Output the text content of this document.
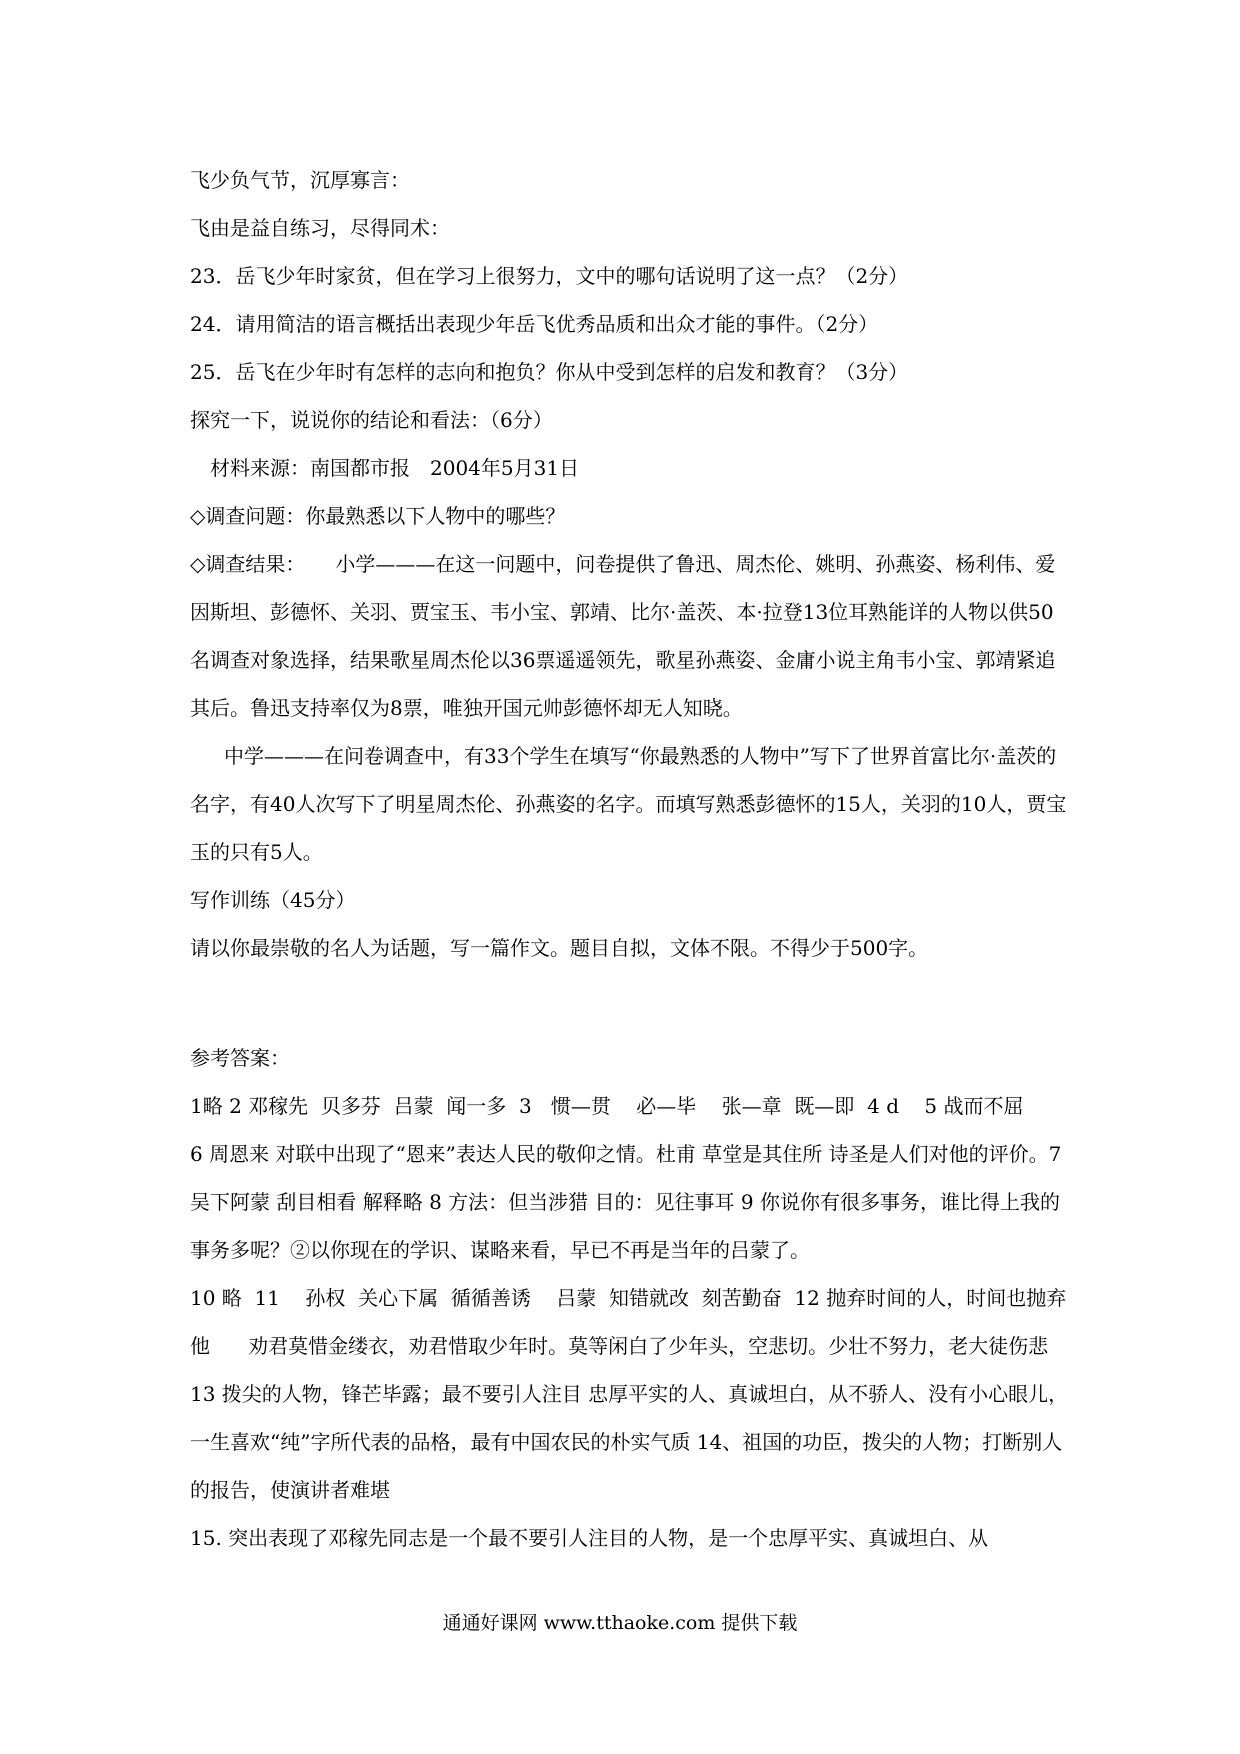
飞少负气节，沉厚寡言：

飞由是益自练习，尽得同术：

23．岳飞少年时家贫，但在学习上很努力，文中的哪句话说明了这一点？（2分）

24．请用简洁的语言概括出表现少年岳飞优秀品质和出众才能的事件。（2分）

25．岳飞在少年时有怎样的志向和抱负？你从中受到怎样的启发和教育？（3分）

探究一下，说说你的结论和看法：（6分）

材料来源：南国都市报　2004年5月31日

◇调查问题：你最熟悉以下人物中的哪些？

◇调查结果：　　小学———在这一问题中，问卷提供了鲁迅、周杰伦、姚明、孙燕姿、杨利伟、爱因斯坦、彭德怀、关羽、贾宝玉、韦小宝、郭靖、比尔·盖茨、本·拉登13位耳熟能详的人物以供50名调查对象选择，结果歌星周杰伦以36票遥遥领先，歌星孙燕姿、金庸小说主角韦小宝、郭靖紧追其后。鲁迅支持率仅为8票，唯独开国元帅彭德怀却无人知晓。

中学———在问卷调查中，有33个学生在填写“你最熟悉的人物中”写下了世界首富比尔·盖茨的名字，有40人次写下了明星周杰伦、孙燕姿的名字。而填写熟悉彭德怀的15人，关羽的10人，贾宝玉的只有5人。

写作训练（45分）

请以你最崇敬的名人为话题，写一篇作文。题目自拟，文体不限。不得少于500字。

参考答案：

1略 2 邓稼先  贝多芬  吕蒙  闻一多  3   惯—贯    必—毕    张—章  既—即  4 d    5 战而不屈

6 周恩来 对联中出现了“恩来”表达人民的敬仰之情。杜甫 草堂是其住所 诗圣是人们对他的评价。7 吴下阿蒙 刮目相看 解释略 8 方法：但当涉猎 目的：见往事耳 9 你说你有很多事务，谁比得上我的事务多呢？②以你现在的学识、谋略来看，早已不再是当年的吕蒙了。

10 略  11    孙权  关心下属  循循善诱    吕蒙  知错就改  刻苦勤奋  12 抛弃时间的人，时间也抛弃他      劝君莫惜金缕衣，劝君惜取少年时。莫等闲白了少年头，空悲切。少壮不努力，老大徒伤悲

13 拨尖的人物，锋芒毕露；最不要引人注目 忠厚平实的人、真诚坦白，从不骄人、没有小心眼儿，一生喜欢“纯”字所代表的品格，最有中国农民的朴实气质 14、祖国的功臣，拨尖的人物；打断别人的报告，使演讲者难堪

15. 突出表现了邓稼先同志是一个最不要引人注目的人物，是一个忠厚平实、真诚坦白、从

通通好课网 www.tthaoke.com 提供下载
